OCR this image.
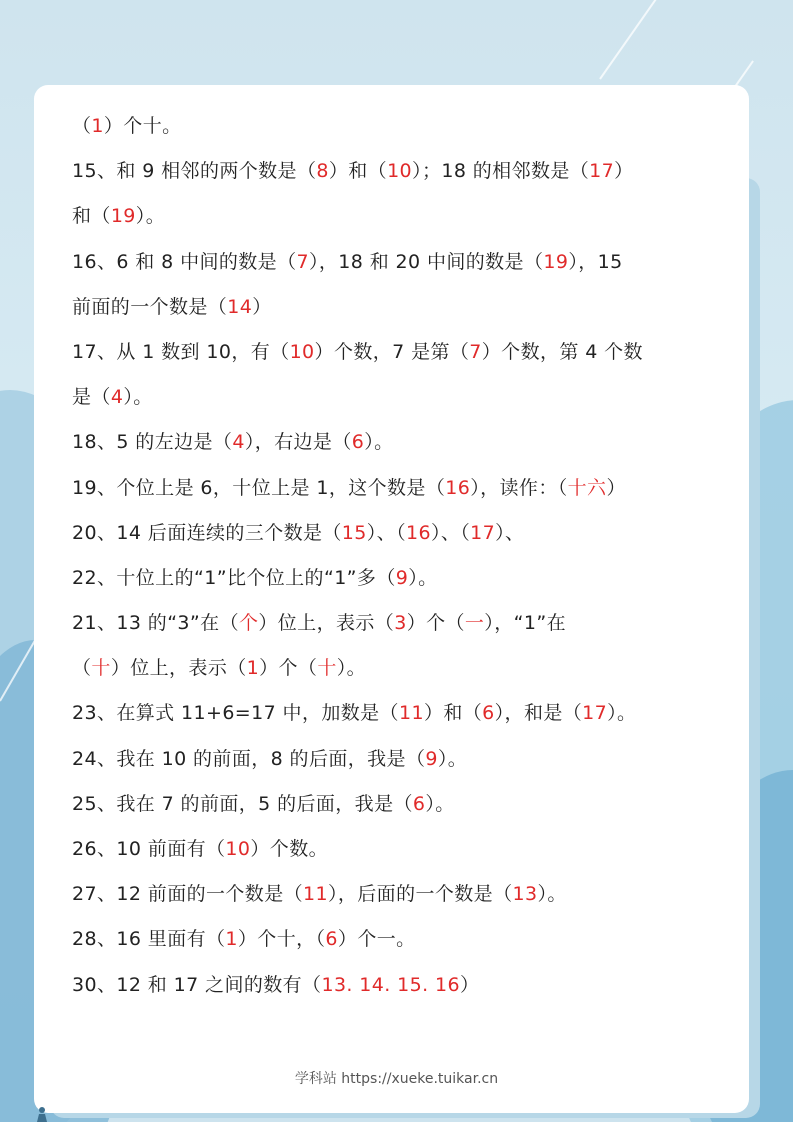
（1）个十。
15、和 9 相邻的两个数是（8）和（10）；18 的相邻数是（17）
和（19）。
16、6 和 8 中间的数是（7），18 和 20 中间的数是（19），15
前面的一个数是（14）
17、从 1 数到 10，有（10）个数，7 是第（7）个数，第 4 个数
是（4）。
18、5 的左边是（4），右边是（6）。
19、个位上是 6，十位上是 1，这个数是（16），读作：（十六）
20、14 后面连续的三个数是（15）、（16）、（17）、
22、十位上的“1”比个位上的“1”多（9）。
21、13 的“3”在（个）位上，表示（3）个（一），“1”在
（十）位上，表示（1）个（十）。
23、在算式 11+6=17 中，加数是（11）和（6），和是（17）。
24、我在 10 的前面，8 的后面，我是（9）。
25、我在 7 的前面，5 的后面，我是（6）。
26、10 前面有（10）个数。
27、12 前面的一个数是（11），后面的一个数是（13）。
28、16 里面有（1）个十，（6）个一。
30、12 和 17 之间的数有（13. 14. 15. 16）
学科站 https://xueke.tuikar.cn
